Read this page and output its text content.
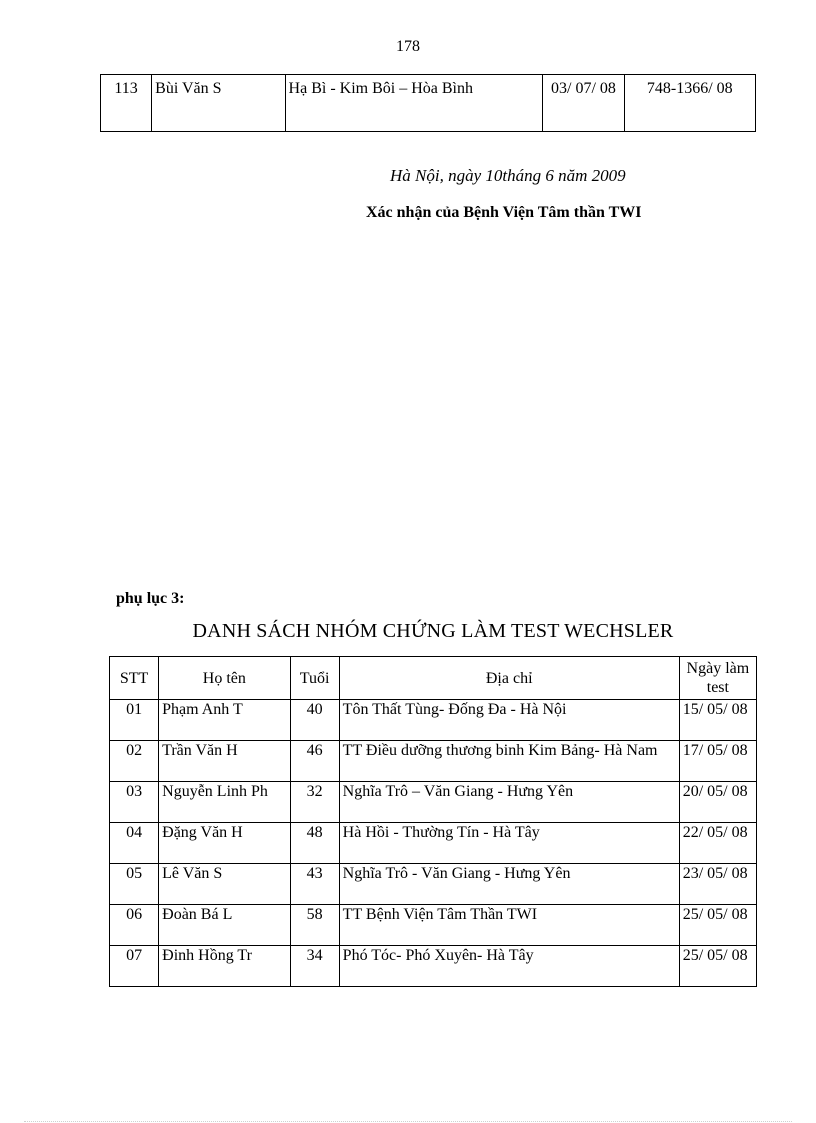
178
113	Bùi Văn S	Hạ Bì - Kim Bôi – Hòa Bình	03/ 07/ 08	748-1366/ 08
Hà Nội, ngày 10tháng 6 năm 2009
Xác nhận của Bệnh Viện Tâm thần TWI
phụ lục 3:
DANH SÁCH NHÓM CHỨNG LÀM TEST WECHSLER
STT	Họ tên	Tuổi	Địa chỉ	Ngày làm test
01	Phạm Anh T	40	Tôn Thất Tùng- Đống Đa - Hà Nội	15/ 05/ 08
02	Trần Văn H	46	TT Điều dưỡng thương binh Kim Bảng- Hà Nam	17/ 05/ 08
03	Nguyễn Linh Ph	32	Nghĩa Trô – Văn Giang - Hưng Yên	20/ 05/ 08
04	Đặng Văn H	48	Hà Hồi - Thường Tín - Hà Tây	22/ 05/ 08
05	Lê Văn S	43	Nghĩa Trô - Văn Giang - Hưng Yên	23/ 05/ 08
06	Đoàn Bá L	58	TT Bệnh Viện Tâm Thần TWI	25/ 05/ 08
07	Đinh Hồng Tr	34	Phó Tóc- Phó Xuyên- Hà Tây	25/ 05/ 08
